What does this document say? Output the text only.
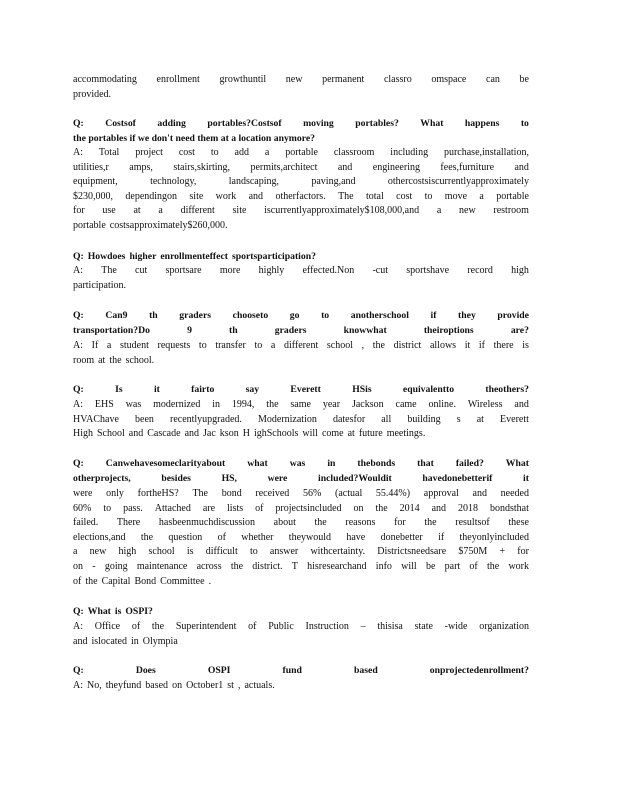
accommodating enrollment growthuntil new permanent classro omspace can be
provided.
Q: Costsof adding portables?Costsof moving portables? What happens to
the portables if we don't need them at a location anymore?
A: Total project cost to add a portable classroom including purchase,installation,
utilities,r amps, stairs,skirting, permits,architect and engineering fees,furniture and
equipment,	technology,	landscaping,	paving,and	othercostsiscurrentlyapproximately
$230,000, dependingon site work and otherfactors. The total cost to move a portable
for use at a different site iscurrentlyapproximately$108,000,and a new restroom
portable costsapproximately$260,000.
Q: Howdoes higher enrollmenteffect sportsparticipation?
A: The cut sportsare more highly effected.Non -cut sportshave record high
participation.
Q: Can9 th graders chooseto go to anotherschool if they provide
transportation?Do	9	th	graders	knowwhat	theiroptions	are?
A: If a student requests to transfer to a different school , the district allows it if there is
room at the school.
Q:	Is	it	fairto	say	Everett	HSis	equivalentto	theothers?
A: EHS was modernized in 1994, the same year Jackson came online. Wireless and
HVAChave been recentlyupgraded. Modernization datesfor all building s at Everett
High School and Cascade and Jac kson H ighSchools will come at future meetings.
Q: Canwehavesomeclarityabout what was in thebonds that failed? What
otherprojects,	besides	HS,	were	included?Wouldit	havedonebetterif	it
were only fortheHS? The bond received 56% (actual 55.44%) approval and needed
60% to pass. Attached are lists of projectsincluded on the 2014 and 2018 bondsthat
failed. There hasbeenmuchdiscussion about the reasons for the resultsof these
elections,and the question of whether theywould have donebetter if theyonlyincluded
a new high school is difficult to answer withcertainty. Districtsneedsare $750M + for
on - going maintenance across the district. T hisresearchand info will be part of the work
of the Capital Bond Committee .
Q: What is OSPI?
A: Office of the Superintendent of Public Instruction – thisisa state -wide organization
and islocated in Olympia
Q:	Does	OSPI	fund	based	onprojectedenrollment?
A: No, theyfund based on October1 st , actuals.
